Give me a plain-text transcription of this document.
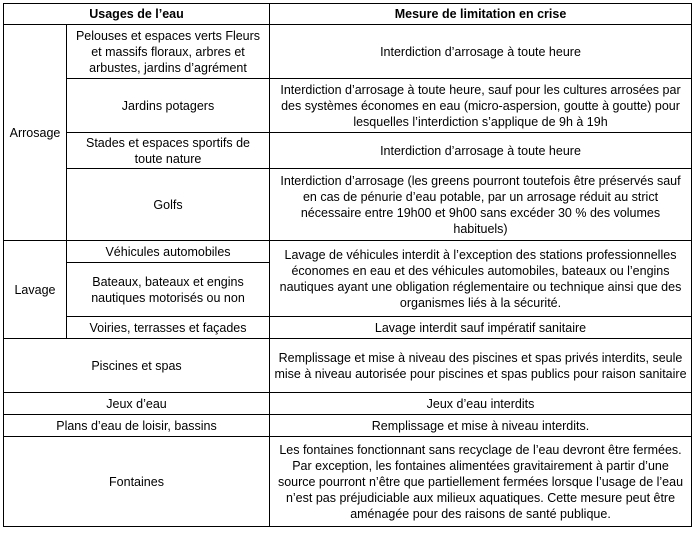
Usages de l’eau		Mesure de limitation en crise
Arrosage	Pelouses et espaces verts Fleurs et massifs floraux, arbres et arbustes, jardins d’agrément	Interdiction d’arrosage à toute heure
	Jardins potagers	Interdiction d’arrosage à toute heure, sauf pour les cultures arrosées par des systèmes économes en eau (micro-aspersion, goutte à goutte) pour lesquelles l’interdiction s’applique de 9h à 19h
	Stades et espaces sportifs de toute nature	Interdiction d’arrosage à toute heure
	Golfs	Interdiction d’arrosage (les greens pourront toutefois être préservés sauf en cas de pénurie d’eau potable, par un arrosage réduit au strict nécessaire entre 19h00 et 9h00 sans excéder 30 % des volumes habituels)
Lavage	Véhicules automobiles	Lavage de véhicules interdit à l’exception des stations professionnelles économes en eau et des véhicules automobiles, bateaux ou l’engins nautiques ayant une obligation réglementaire ou technique ainsi que des organismes liés à la sécurité.
	Bateaux, bateaux et engins nautiques motorisés ou non	
	Voiries, terrasses et façades	Lavage interdit sauf impératif sanitaire
Piscines et spas		Remplissage et mise à niveau des piscines et spas privés interdits, seule mise à niveau autorisée pour piscines et spas publics pour raison sanitaire
Jeux d’eau		Jeux d’eau interdits
Plans d’eau de loisir, bassins		Remplissage et mise à niveau interdits.
Fontaines		Les fontaines fonctionnant sans recyclage de l’eau devront être fermées. Par exception, les fontaines alimentées gravitairement à partir d’une source pourront n’être que partiellement fermées lorsque l’usage de l’eau n’est pas préjudiciable aux milieux aquatiques. Cette mesure peut être aménagée pour des raisons de santé publique.
